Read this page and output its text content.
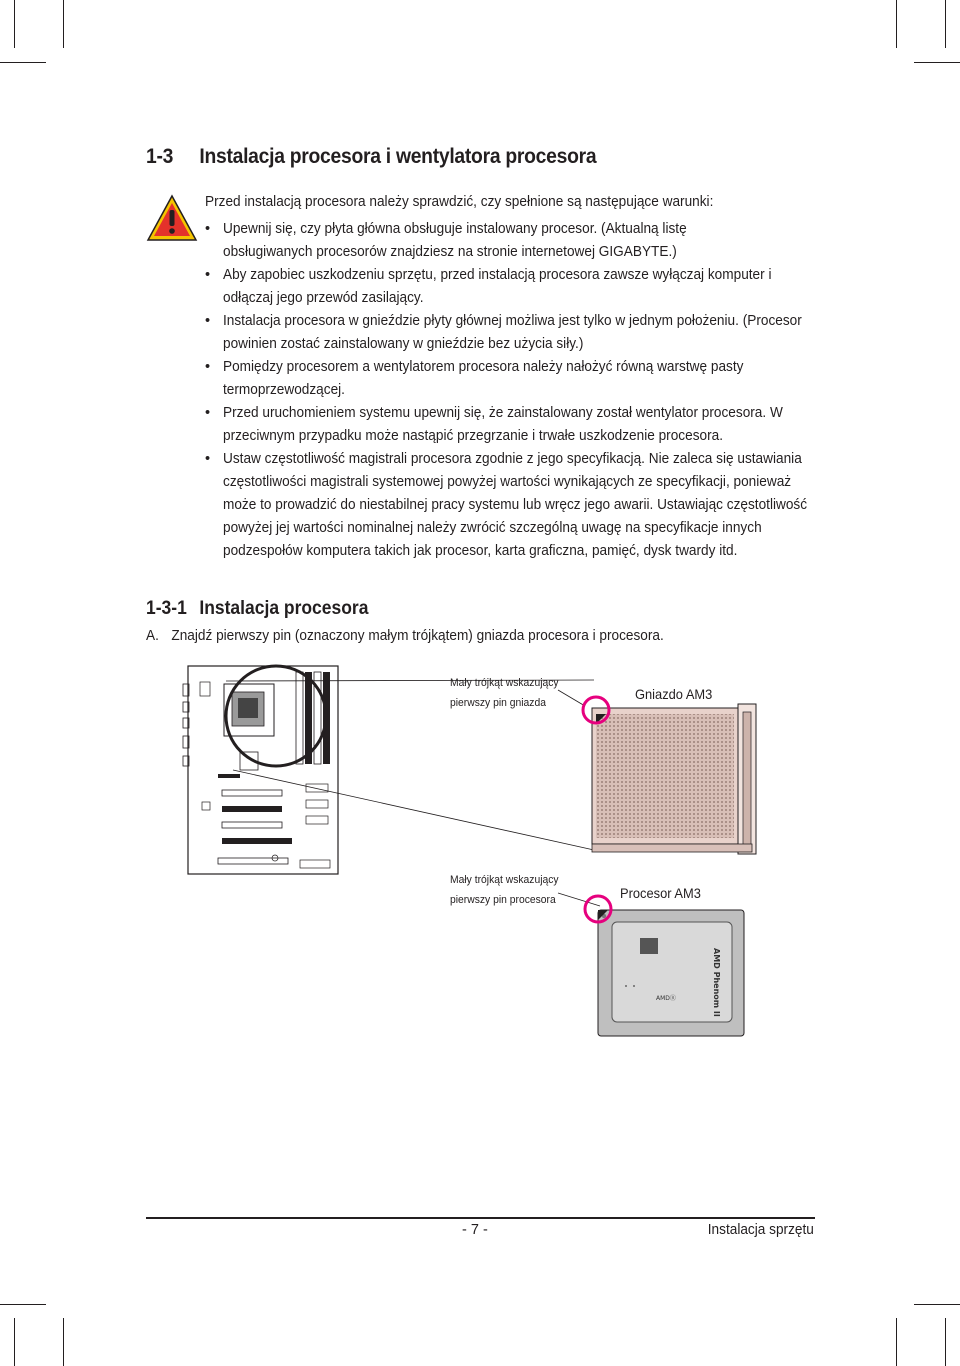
1-3 Instalacja procesora i wentylatora procesora
Przed instalacją procesora należy sprawdzić, czy spełnione są następujące warunki:
• Upewnij się, czy płyta główna obsługuje instalowany procesor. (Aktualną listę obsługiwanych procesorów znajdziesz na stronie internetowej GIGABYTE.)
• Aby zapobiec uszkodzeniu sprzętu, przed instalacją procesora zawsze wyłączaj komputer i odłączaj jego przewód zasilający.
• Instalacja procesora w gnieździe płyty głównej możliwa jest tylko w jednym położeniu. (Procesor powinien zostać zainstalowany w gnieździe bez użycia siły.)
• Pomiędzy procesorem a wentylatorem procesora należy nałożyć równą warstwę pasty termoprzewodzącej.
• Przed uruchomieniem systemu upewnij się, że zainstalowany został wentylator procesora. W przeciwnym przypadku może nastąpić przegrzanie i trwałe uszkodzenie procesora.
• Ustaw częstotliwość magistrali procesora zgodnie z jego specyfikacją. Nie zaleca się ustawiania częstotliwości magistrali systemowej powyżej wartości wynikających ze specyfikacji, ponieważ może to prowadzić do niestabilnej pracy systemu lub wręcz jego awarii. Ustawiając częstotliwość powyżej jej wartości nominalnej należy zwrócić szczególną uwagę na specyfikacje innych podzespołów komputera takich jak procesor, karta graficzna, pamięć, dysk twardy itd.
1-3-1 Instalacja procesora
A. Znajdź pierwszy pin (oznaczony małym trójkątem) gniazda procesora i procesora.
Mały trójkąt wskazujący
pierwszy pin gniazda
Gniazdo AM3
AMD Phenom II
AMDⓇ
Mały trójkąt wskazujący
pierwszy pin procesora	Procesor AM3
- 7 -	Instalacja sprzętu
